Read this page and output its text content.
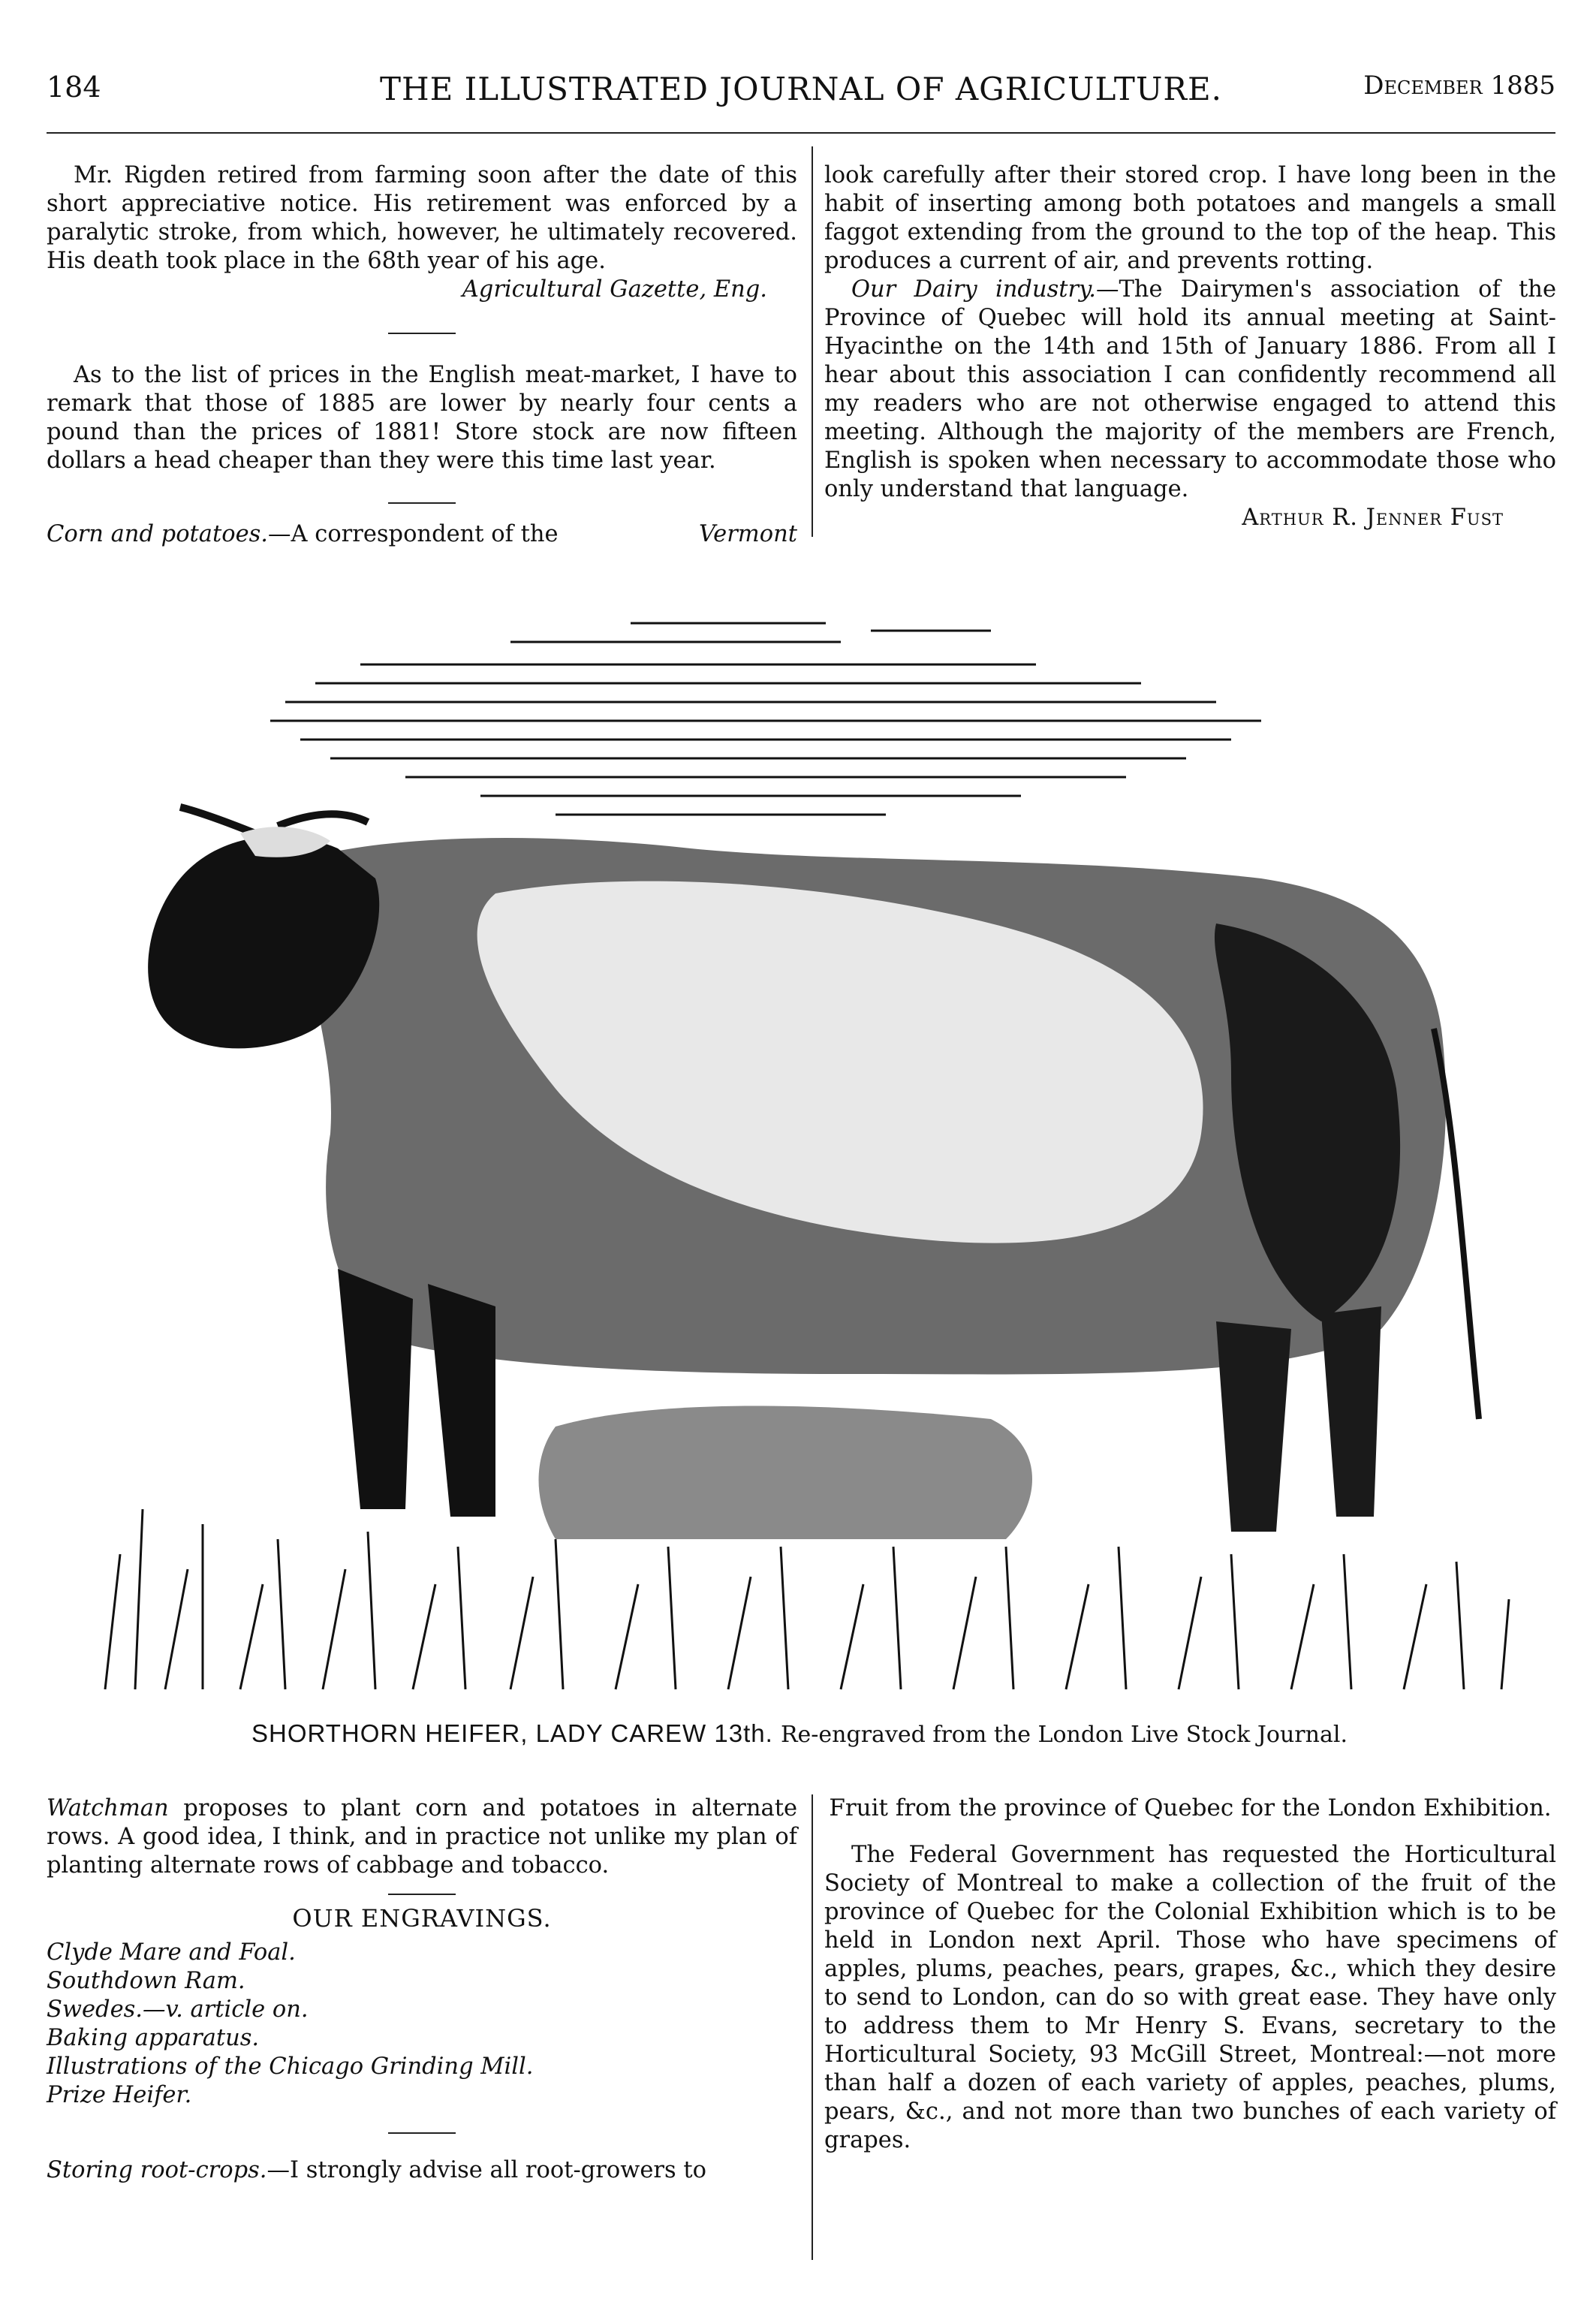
184	THE ILLUSTRATED JOURNAL OF AGRICULTURE.	December 1885

Mr. Rigden retired from farming soon after the date of this short appreciative notice. His retirement was enforced by a paralytic stroke, from which, however, he ultimately recovered. His death took place in the 68th year of his age.

Agricultural Gazette, Eng.

As to the list of prices in the English meat-market, I have to remark that those of 1885 are lower by nearly four cents a pound than the prices of 1881! Store stock are now fifteen dollars a head cheaper than they were this time last year.

Corn and potatoes.—A correspondent of the	Vermont

look carefully after their stored crop. I have long been in the habit of inserting among both potatoes and mangels a small faggot extending from the ground to the top of the heap. This produces a current of air, and prevents rotting.

Our Dairy industry.—The Dairymen's association of the Province of Quebec will hold its annual meeting at Saint-Hyacinthe on the 14th and 15th of January 1886. From all I hear about this association I can confidently recommend all my readers who are not otherwise engaged to attend this meeting. Although the majority of the members are French, English is spoken when necessary to accommodate those who only understand that language.

Arthur R. Jenner Fust

SHORTHORN HEIFER, LADY CAREW 13th. Re-engraved from the London Live Stock Journal.

Watchman proposes to plant corn and potatoes in alternate rows. A good idea, I think, and in practice not unlike my plan of planting alternate rows of cabbage and tobacco.

OUR ENGRAVINGS.
Clyde Mare and Foal.
Southdown Ram.
Swedes.—v. article on.
Baking apparatus.
Illustrations of the Chicago Grinding Mill.
Prize Heifer.

Storing root-crops.—I strongly advise all root-growers to

Fruit from the province of Quebec for the London Exhibition.

The Federal Government has requested the Horticultural Society of Montreal to make a collection of the fruit of the province of Quebec for the Colonial Exhibition which is to be held in London next April. Those who have specimens of apples, plums, peaches, pears, grapes, &c., which they desire to send to London, can do so with great ease. They have only to address them to Mr Henry S. Evans, secretary to the Horticultural Society, 93 McGill Street, Montreal:—not more than half a dozen of each variety of apples, peaches, plums, pears, &c., and not more than two bunches of each variety of grapes.
